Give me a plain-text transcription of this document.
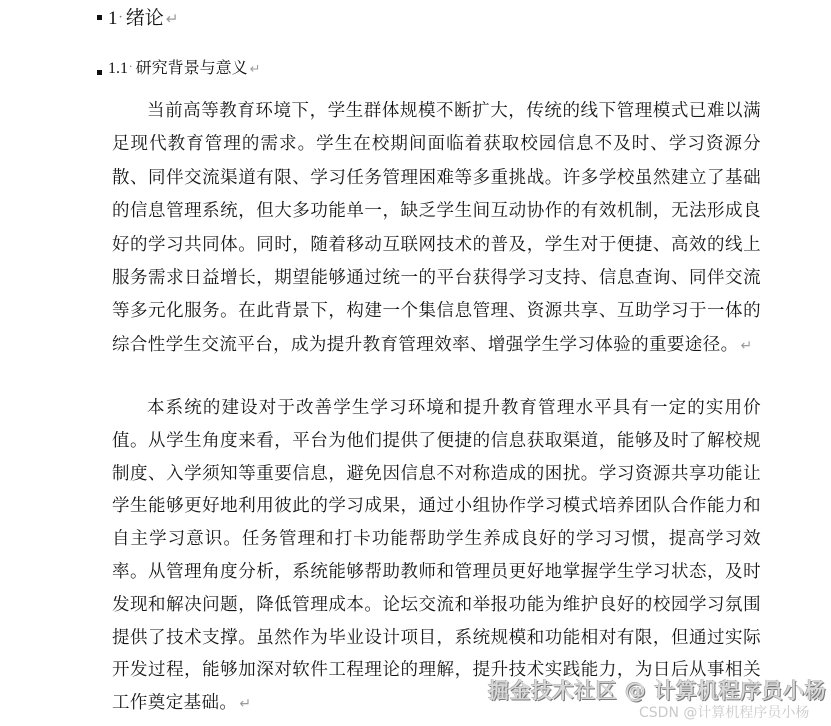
1· 绪论 ↵
1.1· 研究背景与意义 ↵

当前高等教育环境下，学生群体规模不断扩大，传统的线下管理模式已难以满足现代教育管理的需求。学生在校期间面临着获取校园信息不及时、学习资源分散、同伴交流渠道有限、学习任务管理困难等多重挑战。许多学校虽然建立了基础的信息管理系统，但大多功能单一，缺乏学生间互动协作的有效机制，无法形成良好的学习共同体。同时，随着移动互联网技术的普及，学生对于便捷、高效的线上服务需求日益增长，期望能够通过统一的平台获得学习支持、信息查询、同伴交流等多元化服务。在此背景下，构建一个集信息管理、资源共享、互助学习于一体的综合性学生交流平台，成为提升教育管理效率、增强学生学习体验的重要途径。 ↵

本系统的建设对于改善学生学习环境和提升教育管理水平具有一定的实用价值。从学生角度来看，平台为他们提供了便捷的信息获取渠道，能够及时了解校规制度、入学须知等重要信息，避免因信息不对称造成的困扰。学习资源共享功能让学生能够更好地利用彼此的学习成果，通过小组协作学习模式培养团队合作能力和自主学习意识。任务管理和打卡功能帮助学生养成良好的学习习惯，提高学习效率。从管理角度分析，系统能够帮助教师和管理员更好地掌握学生学习状态，及时发现和解决问题，降低管理成本。论坛交流和举报功能为维护良好的校园学习氛围提供了技术支撑。虽然作为毕业设计项目，系统规模和功能相对有限，但通过实际开发过程，能够加深对软件工程理论的理解，提升技术实践能力，为日后从事相关工作奠定基础。 ↵

掘金技术社区 @ 计算机程序员小杨
CSDN @计算机程序员小杨
